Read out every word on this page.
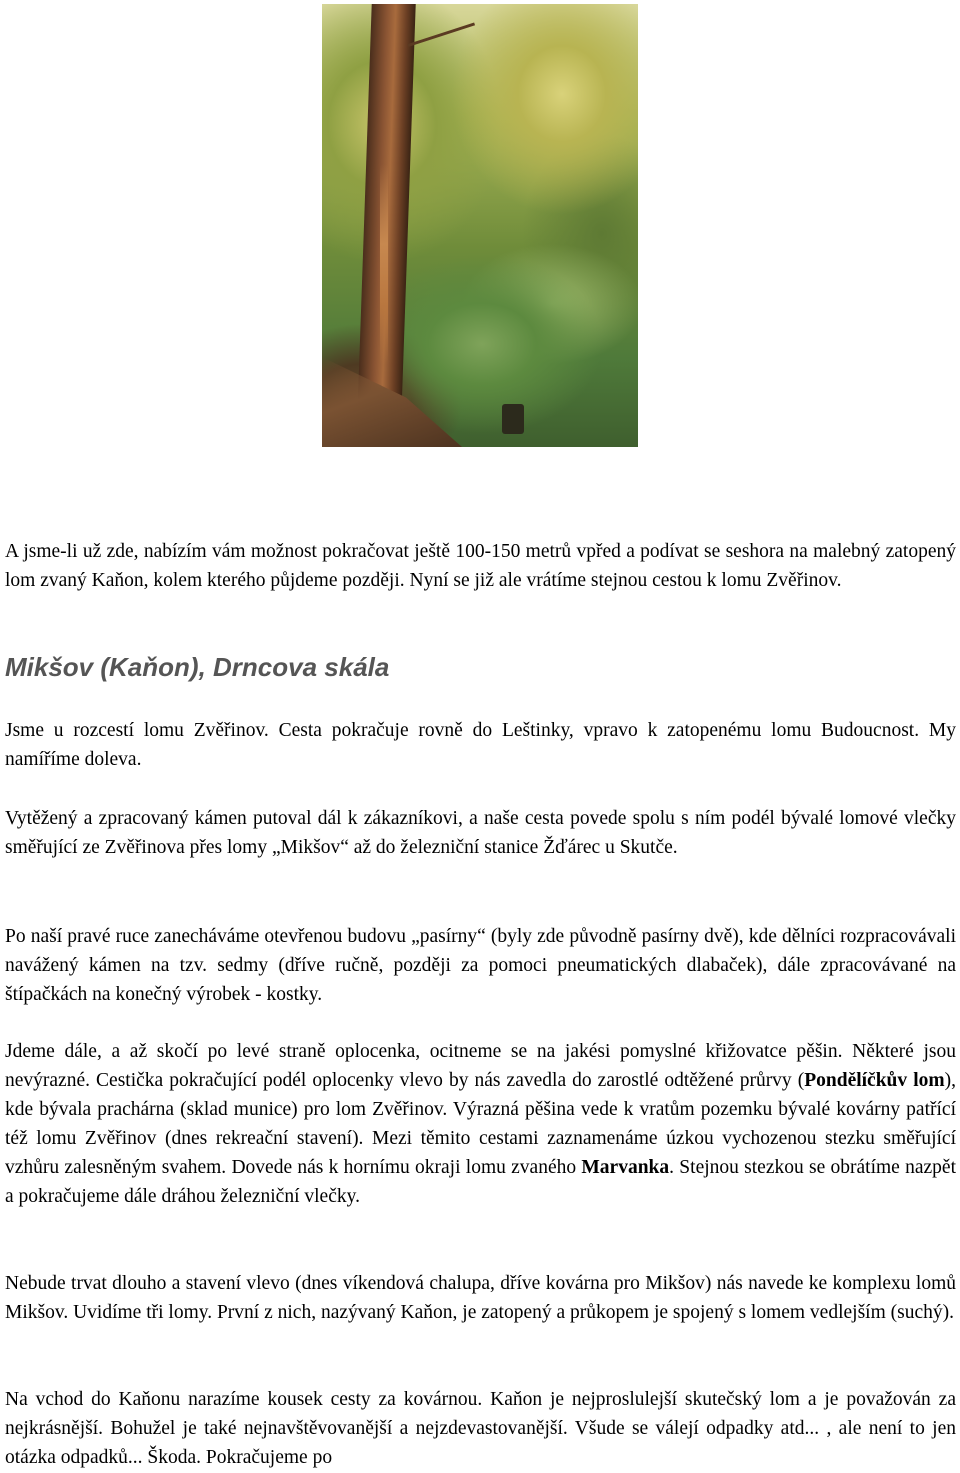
A jsme-li už zde, nabízím vám možnost pokračovat ještě 100-150 metrů vpřed a podívat se seshora na malebný zatopený lom zvaný Kaňon, kolem kterého půjdeme později. Nyní se již ale vrátíme stejnou cestou k lomu Zvěřinov.

Mikšov (Kaňon), Drncova skála

Jsme u rozcestí lomu Zvěřinov. Cesta pokračuje rovně do Leštinky, vpravo k zatopenému lomu Budoucnost. My namíříme doleva.

Vytěžený a zpracovaný kámen putoval dál k zákazníkovi, a naše cesta povede spolu s ním podél bývalé lomové vlečky směřující ze Zvěřinova přes lomy „Mikšov“ až do železniční stanice Žďárec u Skutče.

Po naší pravé ruce zanecháváme otevřenou budovu „pasírny“ (byly zde původně pasírny dvě), kde dělníci rozpracovávali navážený kámen na tzv. sedmy (dříve ručně, později za pomoci pneumatických dlabaček), dále zpracovávané na štípačkách na konečný výrobek - kostky.

Jdeme dále, a až skočí po levé straně oplocenka, ocitneme se na jakési pomyslné křižovatce pěšin. Některé jsou nevýrazné. Cestička pokračující podél oplocenky vlevo by nás zavedla do zarostlé odtěžené průrvy (Pondělíčkův lom), kde bývala prachárna (sklad munice) pro lom Zvěřinov. Výrazná pěšina vede k vratům pozemku bývalé kovárny patřící též lomu Zvěřinov (dnes rekreační stavení). Mezi těmito cestami zaznamenáme úzkou vychozenou stezku směřující vzhůru zalesněným svahem. Dovede nás k hornímu okraji lomu zvaného Marvanka. Stejnou stezkou se obrátíme nazpět a pokračujeme dále dráhou železniční vlečky.

Nebude trvat dlouho a stavení vlevo (dnes víkendová chalupa, dříve kovárna pro Mikšov) nás navede ke komplexu lomů Mikšov. Uvidíme tři lomy. První z nich, nazývaný Kaňon, je zatopený a průkopem je spojený s lomem vedlejším (suchý).

Na vchod do Kaňonu narazíme kousek cesty za kovárnou. Kaňon je nejproslulejší skutečský lom a je považován za nejkrásnější. Bohužel je také nejnavštěvovanější a nejzdevastovanější. Všude se válejí odpadky atd... , ale není to jen otázka odpadků... Škoda. Pokračujeme po
